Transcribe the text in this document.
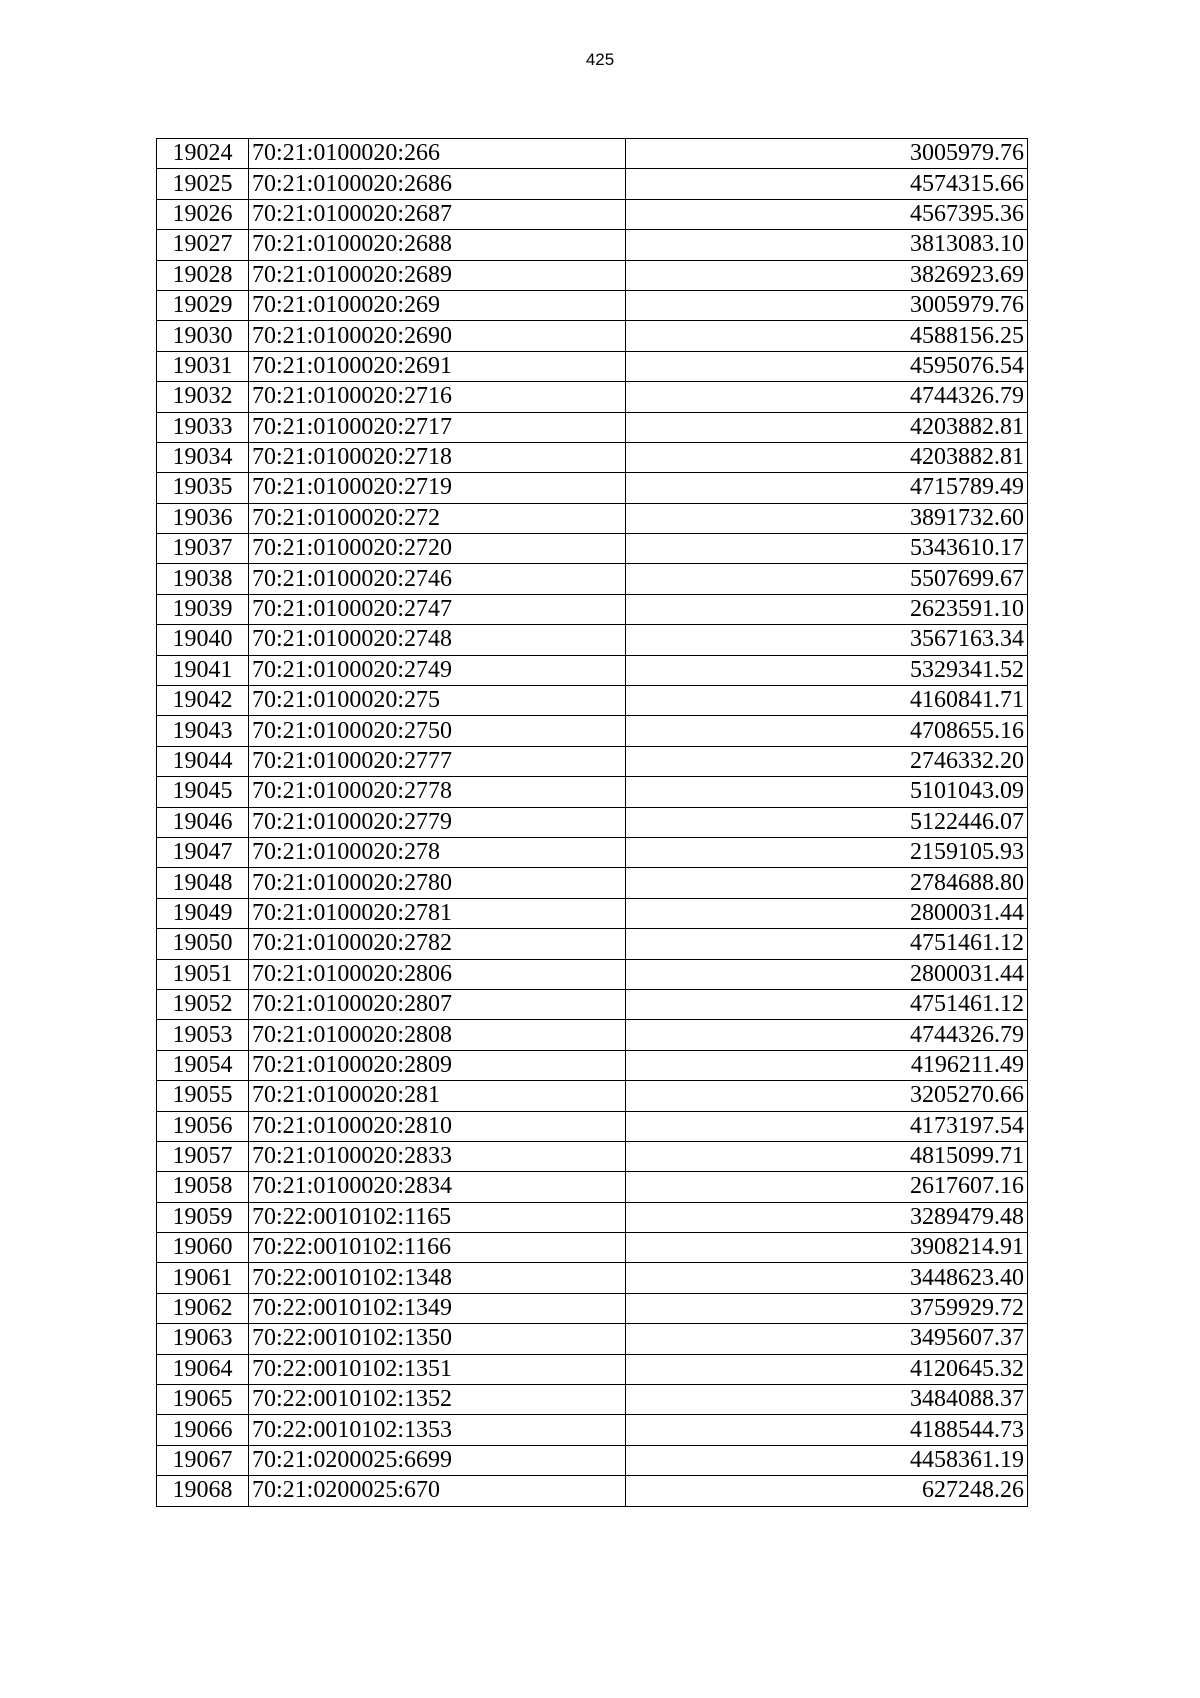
425
19024	70:21:0100020:266	3005979.76
19025	70:21:0100020:2686	4574315.66
19026	70:21:0100020:2687	4567395.36
19027	70:21:0100020:2688	3813083.10
19028	70:21:0100020:2689	3826923.69
19029	70:21:0100020:269	3005979.76
19030	70:21:0100020:2690	4588156.25
19031	70:21:0100020:2691	4595076.54
19032	70:21:0100020:2716	4744326.79
19033	70:21:0100020:2717	4203882.81
19034	70:21:0100020:2718	4203882.81
19035	70:21:0100020:2719	4715789.49
19036	70:21:0100020:272	3891732.60
19037	70:21:0100020:2720	5343610.17
19038	70:21:0100020:2746	5507699.67
19039	70:21:0100020:2747	2623591.10
19040	70:21:0100020:2748	3567163.34
19041	70:21:0100020:2749	5329341.52
19042	70:21:0100020:275	4160841.71
19043	70:21:0100020:2750	4708655.16
19044	70:21:0100020:2777	2746332.20
19045	70:21:0100020:2778	5101043.09
19046	70:21:0100020:2779	5122446.07
19047	70:21:0100020:278	2159105.93
19048	70:21:0100020:2780	2784688.80
19049	70:21:0100020:2781	2800031.44
19050	70:21:0100020:2782	4751461.12
19051	70:21:0100020:2806	2800031.44
19052	70:21:0100020:2807	4751461.12
19053	70:21:0100020:2808	4744326.79
19054	70:21:0100020:2809	4196211.49
19055	70:21:0100020:281	3205270.66
19056	70:21:0100020:2810	4173197.54
19057	70:21:0100020:2833	4815099.71
19058	70:21:0100020:2834	2617607.16
19059	70:22:0010102:1165	3289479.48
19060	70:22:0010102:1166	3908214.91
19061	70:22:0010102:1348	3448623.40
19062	70:22:0010102:1349	3759929.72
19063	70:22:0010102:1350	3495607.37
19064	70:22:0010102:1351	4120645.32
19065	70:22:0010102:1352	3484088.37
19066	70:22:0010102:1353	4188544.73
19067	70:21:0200025:6699	4458361.19
19068	70:21:0200025:670	627248.26
